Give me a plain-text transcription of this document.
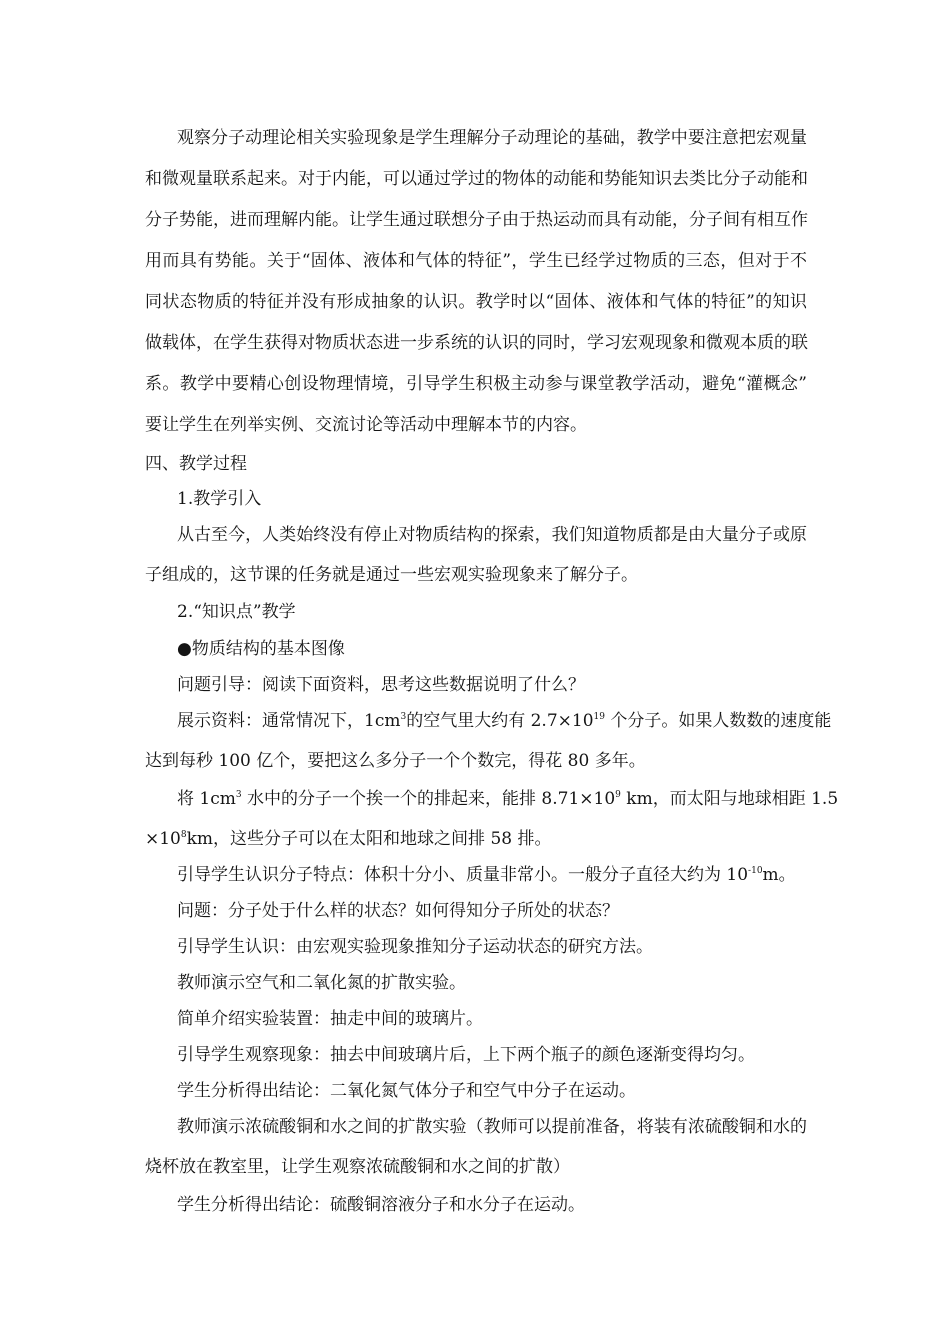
观察分子动理论相关实验现象是学生理解分子动理论的基础，教学中要注意把宏观量
和微观量联系起来。对于内能，可以通过学过的物体的动能和势能知识去类比分子动能和
分子势能，进而理解内能。让学生通过联想分子由于热运动而具有动能，分子间有相互作
用而具有势能。关于“固体、液体和气体的特征”，学生已经学过物质的三态，但对于不
同状态物质的特征并没有形成抽象的认识。教学时以“固体、液体和气体的特征”的知识
做载体，在学生获得对物质状态进一步系统的认识的同时，学习宏观现象和微观本质的联
系。教学中要精心创设物理情境，引导学生积极主动参与课堂教学活动，避免“灌概念”
要让学生在列举实例、交流讨论等活动中理解本节的内容。
四、教学过程
1.教学引入
从古至今，人类始终没有停止对物质结构的探索，我们知道物质都是由大量分子或原
子组成的，这节课的任务就是通过一些宏观实验现象来了解分子。
2.“知识点”教学
●物质结构的基本图像
问题引导：阅读下面资料，思考这些数据说明了什么？
展示资料：通常情况下，$1cm^3$的空气里大约有 $2.7\times 10^{19}$ 个分子。如果人数数的速度能
达到每秒 100 亿个，要把这么多分子一个个数完，得花 80 多年。
将 $1cm^3$ 水中的分子一个挨一个的排起来，能排 $8.71\times 10^9$ km，而太阳与地球相距 1.5
$\times 10^8km$，这些分子可以在太阳和地球之间排 58 排。
引导学生认识分子特点：体积十分小、质量非常小。一般分子直径大约为 $10^{-10}m$。
问题：分子处于什么样的状态？如何得知分子所处的状态？
引导学生认识：由宏观实验现象推知分子运动状态的研究方法。
教师演示空气和二氧化氮的扩散实验。
简单介绍实验装置：抽走中间的玻璃片。
引导学生观察现象：抽去中间玻璃片后，上下两个瓶子的颜色逐渐变得均匀。
学生分析得出结论：二氧化氮气体分子和空气中分子在运动。
教师演示浓硫酸铜和水之间的扩散实验（教师可以提前准备，将装有浓硫酸铜和水的
烧杯放在教室里，让学生观察浓硫酸铜和水之间的扩散）
学生分析得出结论：硫酸铜溶液分子和水分子在运动。
